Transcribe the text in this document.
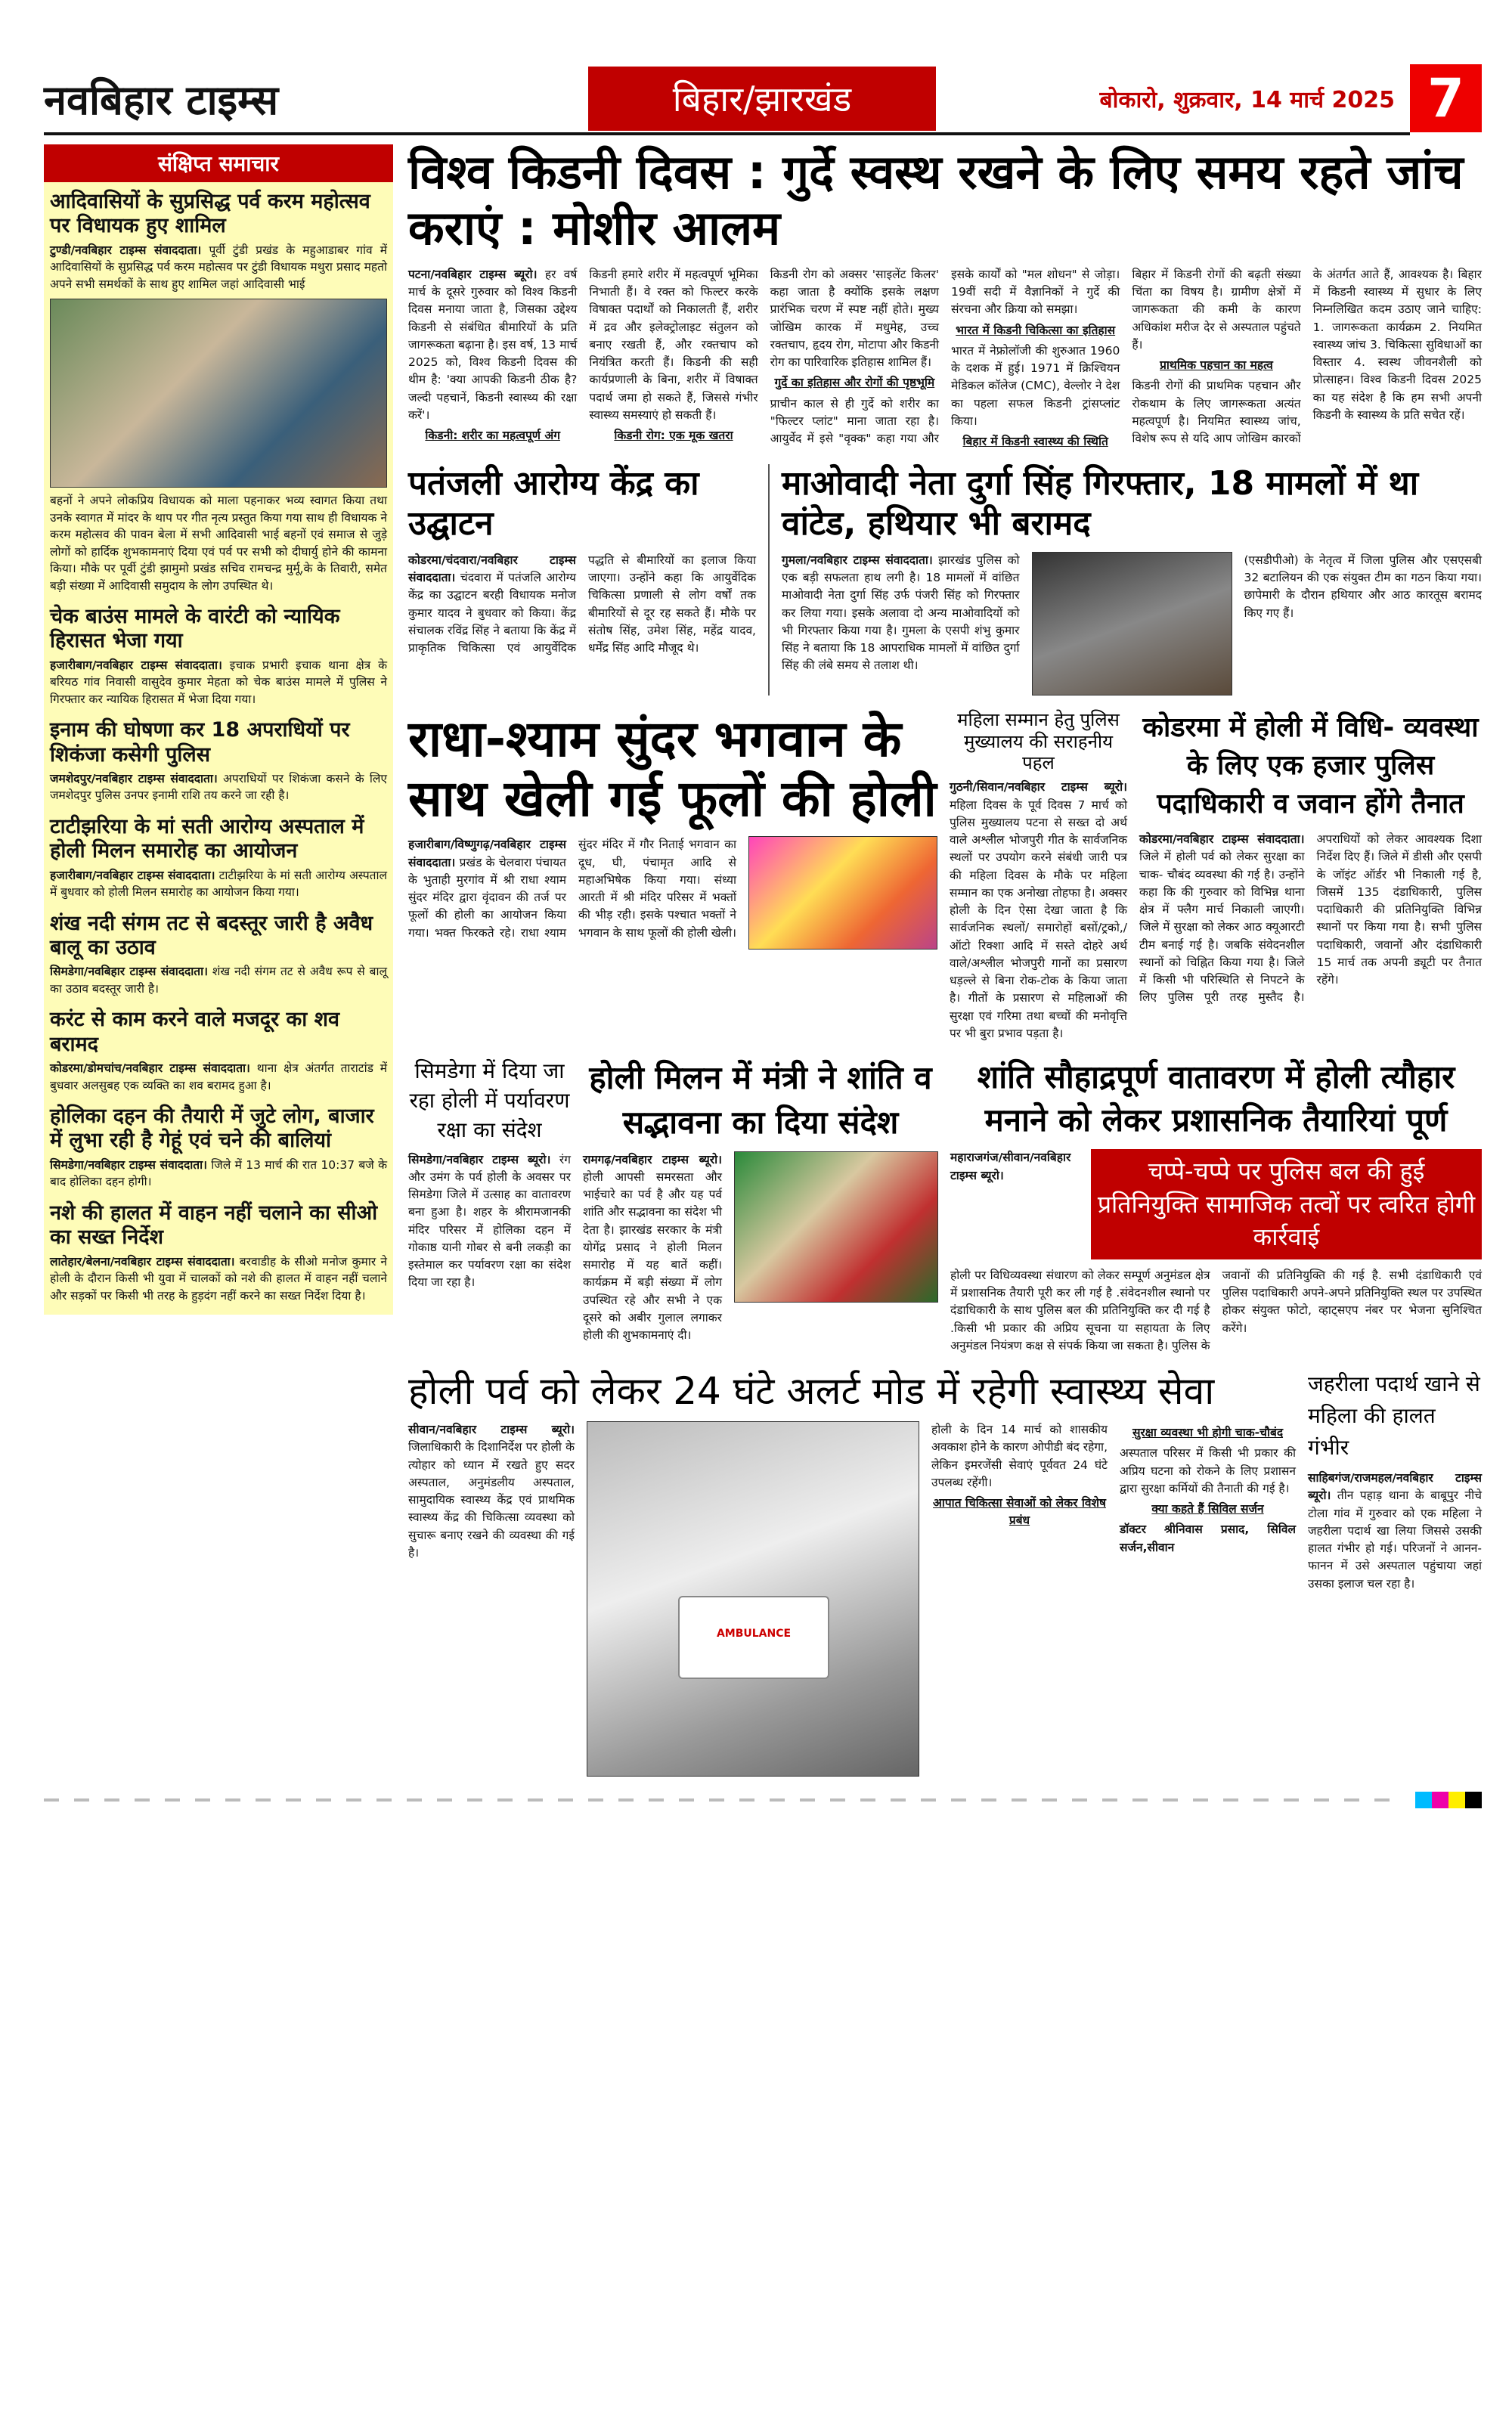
नवबिहार टाइम्स	बिहार/झारखंड	बोकारो, शुक्रवार, 14 मार्च 2025 7
संक्षिप्त समाचार
आदिवासियों के सुप्रसिद्ध पर्व करम महोत्सव पर विधायक हुए शामिल
टुण्डी/नवबिहार टाइम्स संवाददाता। पूर्वी टुंडी प्रखंड के महुआडाबर गांव में आदिवासियों के सुप्रसिद्ध पर्व करम महोत्सव पर टुंडी विधायक मथुरा प्रसाद महतो अपने सभी समर्थकों के साथ हुए शामिल जहां आदिवासी भाई
बहनों ने अपने लोकप्रिय विधायक को माला पहनाकर भव्य स्वागत किया तथा उनके स्वागत में मांदर के थाप पर गीत नृत्य प्रस्तुत किया गया साथ ही विधायक ने करम महोत्सव की पावन बेला में सभी आदिवासी भाई बहनों एवं समाज से जुड़े लोगों को हार्दिक शुभकामनाएं दिया एवं पर्व पर सभी को दीघार्यु होने की कामना किया। मौके पर पूर्वी टुंडी झामुमो प्रखंड सचिव रामचन्द्र मुर्मू,के के तिवारी, समेत बड़ी संख्या में आदिवासी समुदाय के लोग उपस्थित थे।
चेक बाउंस मामले के वारंटी को न्यायिक हिरासत भेजा गया
हजारीबाग/नवबिहार टाइम्स संवाददाता। इचाक प्रभारी इचाक थाना क्षेत्र के बरियठ गांव निवासी वासुदेव कुमार मेहता को चेक बाउंस मामले में पुलिस ने गिरफ्तार कर न्यायिक हिरासत में भेजा दिया गया।
इनाम की घोषणा कर 18 अपराधियों पर शिकंजा कसेगी पुलिस
जमशेदपुर/नवबिहार टाइम्स संवाददाता। अपराधियों पर शिकंजा कसने के लिए जमशेदपुर पुलिस उनपर इनामी राशि तय करने जा रही है।
टाटीझरिया के मां सती आरोग्य अस्पताल में होली मिलन समारोह का आयोजन
हजारीबाग/नवबिहार टाइम्स संवाददाता। टाटीझरिया के मां सती आरोग्य अस्पताल में बुधवार को होली मिलन समारोह का आयोजन किया गया।
शंख नदी संगम तट से बदस्तूर जारी है अवैध बालू का उठाव
सिमडेगा/नवबिहार टाइम्स संवाददाता। शंख नदी संगम तट से अवैध रूप से बालू का उठाव बदस्तूर जारी है।
करंट से काम करने वाले मजदूर का शव बरामद
कोडरमा/डोमचांच/नवबिहार टाइम्स संवाददाता। थाना क्षेत्र अंतर्गत ताराटांड में बुधवार अलसुबह एक व्यक्ति का शव बरामद हुआ है।
होलिका दहन की तैयारी में जुटे लोग, बाजार में लुभा रही है गेहूं एवं चने की बालियां
सिमडेगा/नवबिहार टाइम्स संवाददाता। जिले में 13 मार्च की रात 10:37 बजे के बाद होलिका दहन होगी।
नशे की हालत में वाहन नहीं चलाने का सीओ का सख्त निर्देश
लातेहार/बेलना/नवबिहार टाइम्स संवाददाता। बरवाडीह के सीओ मनोज कुमार ने होली के दौरान किसी भी युवा में चालकों को नशे की हालत में वाहन नहीं चलाने और सड़कों पर किसी भी तरह के हुड़दंग नहीं करने का सख्त निर्देश दिया है।
विश्व किडनी दिवस : गुर्दे स्वस्थ रखने के लिए समय रहते जांच कराएं : मोशीर आलम
पटना/नवबिहार टाइम्स ब्यूरो। हर वर्ष मार्च के दूसरे गुरुवार को विश्व किडनी दिवस मनाया जाता है, जिसका उद्देश्य किडनी से संबंधित बीमारियों के प्रति जागरूकता बढ़ाना है। इस वर्ष, 13 मार्च 2025 को, विश्व किडनी दिवस की थीम है: 'क्या आपकी किडनी ठीक है? जल्दी पहचानें, किडनी स्वास्थ्य की रक्षा करें'।
किडनी: शरीर का महत्वपूर्ण अंग
किडनी हमारे शरीर में महत्वपूर्ण भूमिका निभाती हैं। वे रक्त को फिल्टर करके विषाक्त पदार्थों को निकालती हैं, शरीर में द्रव और इलेक्ट्रोलाइट संतुलन को बनाए रखती हैं, और रक्तचाप को नियंत्रित करती हैं। किडनी की सही कार्यप्रणाली के बिना, शरीर में विषाक्त पदार्थ जमा हो सकते हैं, जिससे गंभीर स्वास्थ्य समस्याएं हो सकती हैं।
किडनी रोग: एक मूक खतरा
किडनी रोग को अक्सर 'साइलेंट किलर' कहा जाता है क्योंकि इसके लक्षण प्रारंभिक चरण में स्पष्ट नहीं होते। मुख्य जोखिम कारक में मधुमेह, उच्च रक्तचाप, हृदय रोग, मोटापा और किडनी रोग का पारिवारिक इतिहास शामिल हैं।
गुर्दे का इतिहास और रोगों की पृष्ठभूमि
प्राचीन काल से ही गुर्दे को शरीर का "फिल्टर प्लांट" माना जाता रहा है। आयुर्वेद में इसे "वृक्क" कहा गया और इसके कार्यों को "मल शोधन" से जोड़ा। 19वीं सदी में वैज्ञानिकों ने गुर्दे की संरचना और क्रिया को समझा।
भारत में किडनी चिकित्सा का इतिहास
भारत में नेफ्रोलॉजी की शुरुआत 1960 के दशक में हुई। 1971 में क्रिश्चियन मेडिकल कॉलेज (CMC), वेल्लोर ने देश का पहला सफल किडनी ट्रांसप्लांट किया।
बिहार में किडनी स्वास्थ्य की स्थिति
बिहार में किडनी रोगों की बढ़ती संख्या चिंता का विषय है। ग्रामीण क्षेत्रों में जागरूकता की कमी के कारण अधिकांश मरीज देर से अस्पताल पहुंचते हैं।
प्राथमिक पहचान का महत्व
किडनी रोगों की प्राथमिक पहचान और रोकथाम के लिए जागरूकता अत्यंत महत्वपूर्ण है। नियमित स्वास्थ्य जांच, विशेष रूप से यदि आप जोखिम कारकों के अंतर्गत आते हैं, आवश्यक है। बिहार में किडनी स्वास्थ्य में सुधार के लिए निम्नलिखित कदम उठाए जाने चाहिए: 1. जागरूकता कार्यक्रम 2. नियमित स्वास्थ्य जांच 3. चिकित्सा सुविधाओं का विस्तार 4. स्वस्थ जीवनशैली को प्रोत्साहन। विश्व किडनी दिवस 2025 का यह संदेश है कि हम सभी अपनी किडनी के स्वास्थ्य के प्रति सचेत रहें।
पतंजली आरोग्य केंद्र का उद्घाटन
कोडरमा/चंदवारा/नवबिहार टाइम्स संवाददाता। चंदवारा में पतंजलि आरोग्य केंद्र का उद्घाटन बरही विधायक मनोज कुमार यादव ने बुधवार को किया। केंद्र संचालक रविंद्र सिंह ने बताया कि केंद्र में प्राकृतिक चिकित्सा एवं आयुर्वेदिक पद्धति से बीमारियों का इलाज किया जाएगा। उन्होंने कहा कि आयुर्वेदिक चिकित्सा प्रणाली से लोग वर्षों तक बीमारियों से दूर रह सकते हैं। मौके पर संतोष सिंह, उमेश सिंह, महेंद्र यादव, धर्मेंद्र सिंह आदि मौजूद थे।
माओवादी नेता दुर्गा सिंह गिरफ्तार, 18 मामलों में था वांटेड, हथियार भी बरामद
गुमला/नवबिहार टाइम्स संवाददाता। झारखंड पुलिस को एक बड़ी सफलता हाथ लगी है। 18 मामलों में वांछित माओवादी नेता दुर्गा सिंह उर्फ पंजरी सिंह को गिरफ्तार कर लिया गया। इसके अलावा दो अन्य माओवादियों को भी गिरफ्तार किया गया है। गुमला के एसपी शंभु कुमार सिंह ने बताया कि 18 आपराधिक मामलों में वांछित दुर्गा सिंह की लंबे समय से तलाश थी।
(एसडीपीओ) के नेतृत्व में जिला पुलिस और एसएसबी 32 बटालियन की एक संयुक्त टीम का गठन किया गया। छापेमारी के दौरान हथियार और आठ कारतूस बरामद किए गए हैं।
राधा-श्याम सुंदर भगवान के साथ खेली गई फूलों की होली
हजारीबाग/विष्णुगढ़/नवबिहार टाइम्स संवाददाता। प्रखंड के चेलवारा पंचायत के भुताही मुरगांव में श्री राधा श्याम सुंदर मंदिर द्वारा वृंदावन की तर्ज पर फूलों की होली का आयोजन किया गया। भक्त फिरकते रहे। राधा श्याम सुंदर मंदिर में गौर निताई भगवान का दूध, घी, पंचामृत आदि से महाअभिषेक किया गया। संध्या आरती में श्री मंदिर परिसर में भक्तों की भीड़ रही। इसके पश्चात भक्तों ने भगवान के साथ फूलों की होली खेली।
महिला सम्मान हेतु पुलिस मुख्यालय की सराहनीय पहल
गुठनी/सिवान/नवबिहार टाइम्स ब्यूरो। महिला दिवस के पूर्व दिवस 7 मार्च को पुलिस मुख्यालय पटना से सख्त दो अर्थ वाले अश्लील भोजपुरी गीत के सार्वजनिक स्थलों पर उपयोग करने संबंधी जारी पत्र की महिला दिवस के मौके पर महिला सम्मान का एक अनोखा तोहफा है। अक्सर होली के दिन ऐसा देखा जाता है कि सार्वजनिक स्थलों/ समारोहों बसों/ट्रको,/ऑटो रिक्शा आदि में सस्ते दोहरे अर्थ वाले/अश्लील भोजपुरी गानों का प्रसारण धड़ल्ले से बिना रोक-टोक के किया जाता है। गीतों के प्रसारण से महिलाओं की सुरक्षा एवं गरिमा तथा बच्चों की मनोवृत्ति पर भी बुरा प्रभाव पड़ता है।
कोडरमा में होली में विधि- व्यवस्था के लिए एक हजार पुलिस पदाधिकारी व जवान होंगे तैनात
कोडरमा/नवबिहार टाइम्स संवाददाता। जिले में होली पर्व को लेकर सुरक्षा का चाक- चौबंद व्यवस्था की गई है। उन्होंने कहा कि की गुरुवार को विभिन्न थाना क्षेत्र में फ्लैग मार्च निकाली जाएगी। जिले में सुरक्षा को लेकर आठ क्यूआरटी टीम बनाई गई है। जबकि संवेदनशील स्थानों को चिह्नित किया गया है। जिले में किसी भी परिस्थिति से निपटने के लिए पुलिस पूरी तरह मुस्तैद है। अपराधियों को लेकर आवश्यक दिशा निर्देश दिए हैं। जिले में डीसी और एसपी के जॉइंट ऑर्डर भी निकाली गई है, जिसमें 135 दंडाधिकारी, पुलिस पदाधिकारी की प्रतिनियुक्ति विभिन्न स्थानों पर किया गया है। सभी पुलिस पदाधिकारी, जवानों और दंडाधिकारी 15 मार्च तक अपनी ड्यूटी पर तैनात रहेंगे।
सिमडेगा में दिया जा रहा होली में पर्यावरण रक्षा का संदेश
सिमडेगा/नवबिहार टाइम्स ब्यूरो। रंग और उमंग के पर्व होली के अवसर पर सिमडेगा जिले में उत्साह का वातावरण बना हुआ है। शहर के श्रीरामजानकी मंदिर परिसर में होलिका दहन में गोकाष्ठ यानी गोबर से बनी लकड़ी का इस्तेमाल कर पर्यावरण रक्षा का संदेश दिया जा रहा है।
होली मिलन में मंत्री ने शांति व सद्भावना का दिया संदेश
रामगढ़/नवबिहार टाइम्स ब्यूरो। होली आपसी समरसता और भाईचारे का पर्व है और यह पर्व शांति और सद्भावना का संदेश भी देता है। झारखंड सरकार के मंत्री योगेंद्र प्रसाद ने होली मिलन समारोह में यह बातें कहीं। कार्यक्रम में बड़ी संख्या में लोग उपस्थित रहे और सभी ने एक दूसरे को अबीर गुलाल लगाकर होली की शुभकामनाएं दी।
शांति सौहाद्रपूर्ण वातावरण में होली त्यौहार मनाने को लेकर प्रशासनिक तैयारियां पूर्ण
महाराजगंज/सीवान/नवबिहार टाइम्स ब्यूरो।	चप्पे-चप्पे पर पुलिस बल की हुई प्रतिनियुक्ति सामाजिक तत्वों पर त्वरित होगी कार्रवाई
होली पर विधिव्यवस्था संधारण को लेकर सम्पूर्ण अनुमंडल क्षेत्र में प्रशासनिक तैयारी पूरी कर ली गई है .संवेदनशील स्थानो पर दंडाधिकारी के साथ पुलिस बल की प्रतिनियुक्ति कर दी गई है .किसी भी प्रकार की अप्रिय सूचना या सहायता के लिए अनुमंडल नियंत्रण कक्ष से संपर्क किया जा सकता है। पुलिस के जवानों की प्रतिनियुक्ति की गई है. सभी दंडाधिकारी एवं पुलिस पदाधिकारी अपने-अपने प्रतिनियुक्ति स्थल पर उपस्थित होकर संयुक्त फोटो, व्हाट्सएप नंबर पर भेजना सुनिश्चित करेंगे।
होली पर्व को लेकर 24 घंटे अलर्ट मोड में रहेगी स्वास्थ्य सेवा
सीवान/नवबिहार टाइम्स ब्यूरो। जिलाधिकारी के दिशानिर्देश पर होली के त्योहार को ध्यान में रखते हुए सदर अस्पताल, अनुमंडलीय अस्पताल, सामुदायिक स्वास्थ्य केंद्र एवं प्राथमिक स्वास्थ्य केंद्र की चिकित्सा व्यवस्था को सुचारू बनाए रखने की व्यवस्था की गई है।
AMBULANCE
होली के दिन 14 मार्च को शासकीय अवकाश होने के कारण ओपीडी बंद रहेगा, लेकिन इमरजेंसी सेवाएं पूर्ववत 24 घंटे उपलब्ध रहेंगी।
आपात चिकित्सा सेवाओं को लेकर विशेष प्रबंध
सुरक्षा व्यवस्था भी होगी चाक-चौबंद
अस्पताल परिसर में किसी भी प्रकार की अप्रिय घटना को रोकने के लिए प्रशासन द्वारा सुरक्षा कर्मियों की तैनाती की गई है।
क्या कहते हैं सिविल सर्जन
डॉक्टर श्रीनिवास प्रसाद, सिविल सर्जन,सीवान
जहरीला पदार्थ खाने से महिला की हालत गंभीर
साहिबगंज/राजमहल/नवबिहार टाइम्स ब्यूरो। तीन पहाड़ थाना के बाबूपुर नीचे टोला गांव में गुरुवार को एक महिला ने जहरीला पदार्थ खा लिया जिससे उसकी हालत गंभीर हो गई। परिजनों ने आनन-फानन में उसे अस्पताल पहुंचाया जहां उसका इलाज चल रहा है।
